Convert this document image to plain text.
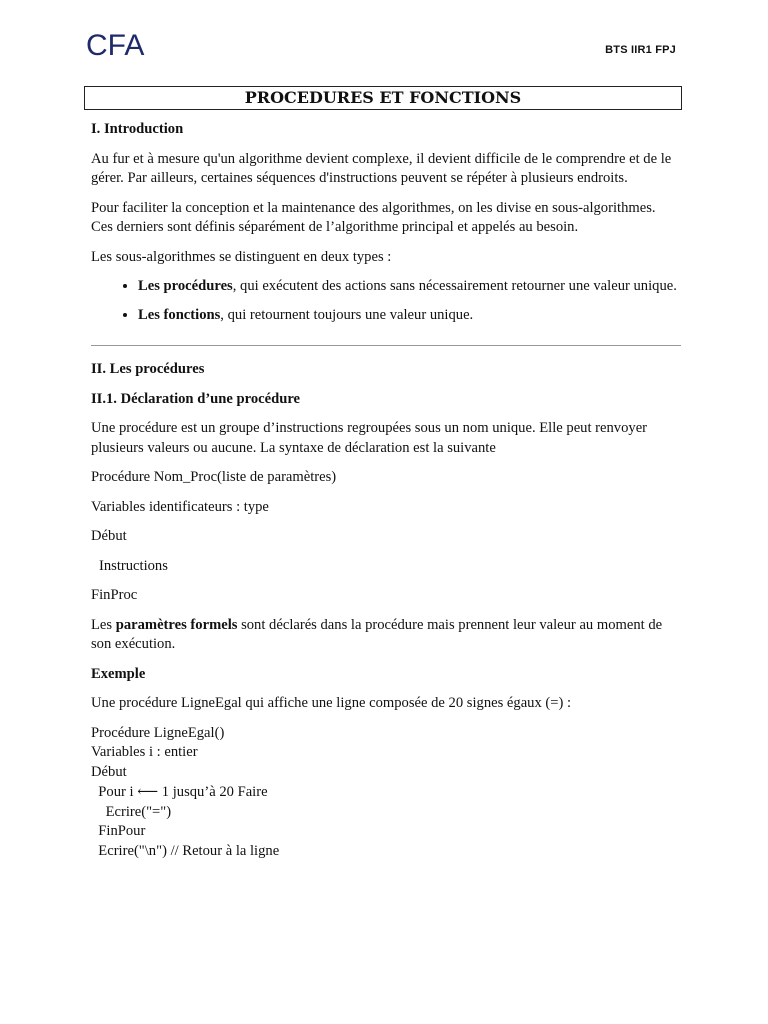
CFA	BTS IIR1 FPJ
PROCEDURES ET FONCTIONS

I. Introduction

Au fur et à mesure qu'un algorithme devient complexe, il devient difficile de le comprendre et de le gérer. Par ailleurs, certaines séquences d'instructions peuvent se répéter à plusieurs endroits.

Pour faciliter la conception et la maintenance des algorithmes, on les divise en sous-algorithmes. Ces derniers sont définis séparément de l’algorithme principal et appelés au besoin.

Les sous-algorithmes se distinguent en deux types :

• Les procédures, qui exécutent des actions sans nécessairement retourner une valeur unique.
• Les fonctions, qui retournent toujours une valeur unique.

II. Les procédures

II.1. Déclaration d’une procédure

Une procédure est un groupe d’instructions regroupées sous un nom unique. Elle peut renvoyer plusieurs valeurs ou aucune. La syntaxe de déclaration est la suivante

Procédure Nom_Proc(liste de paramètres)

Variables identificateurs : type

Début

Instructions

FinProc

Les paramètres formels sont déclarés dans la procédure mais prennent leur valeur au moment de son exécution.

Exemple

Une procédure LigneEgal qui affiche une ligne composée de 20 signes égaux (=) :

Procédure LigneEgal()
Variables i : entier
Début
Pour i ⟵ 1 jusqu’à 20 Faire
Ecrire("=")
FinPour
Ecrire("\n") // Retour à la ligne
